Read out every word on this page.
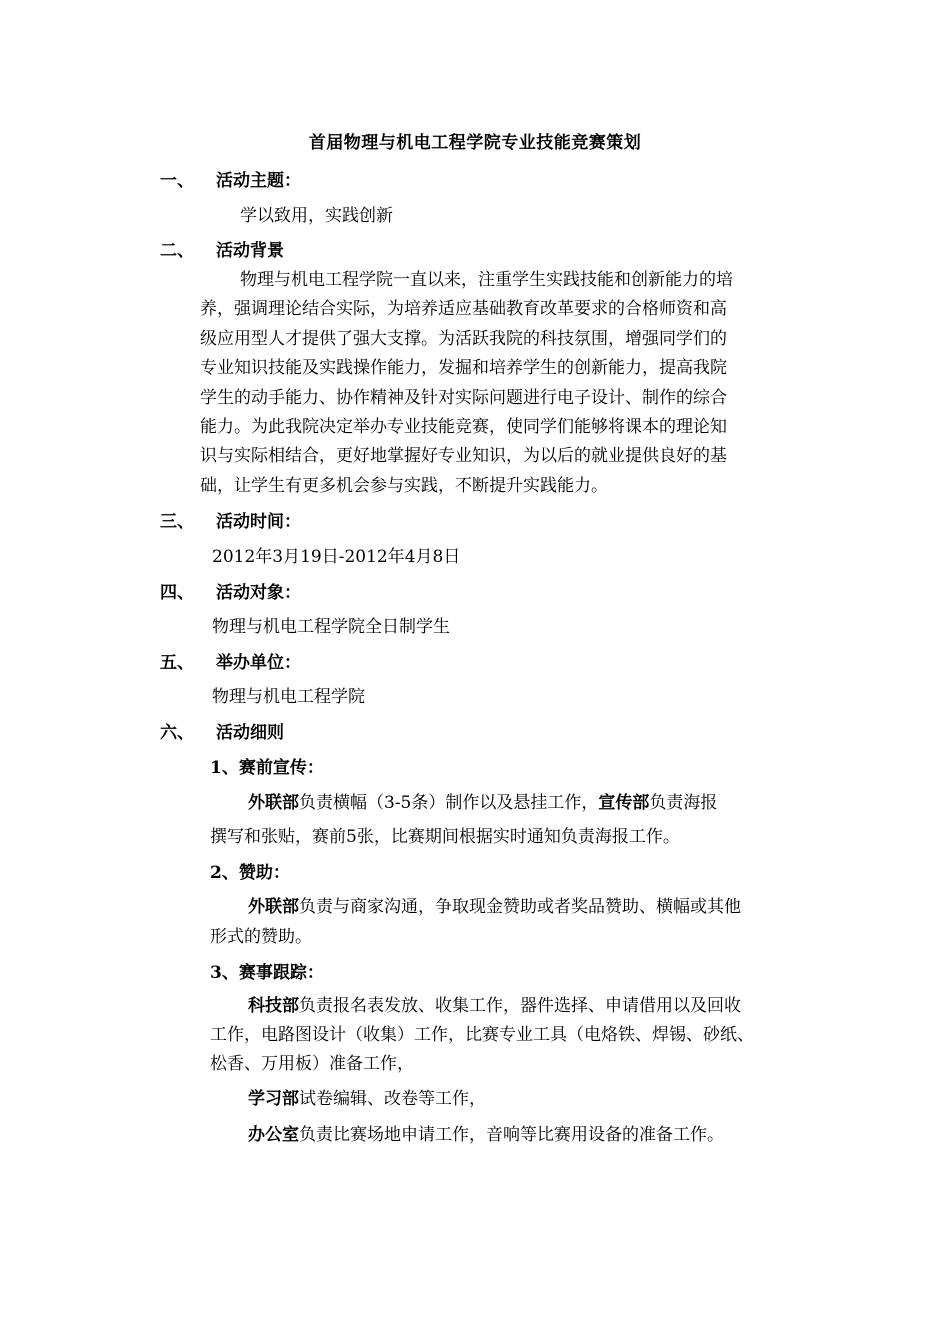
首届物理与机电工程学院专业技能竞赛策划
一、 活动主题：
学以致用，实践创新
二、 活动背景
物理与机电工程学院一直以来，注重学生实践技能和创新能力的培
养，强调理论结合实际，为培养适应基础教育改革要求的合格师资和高
级应用型人才提供了强大支撑。为活跃我院的科技氛围，增强同学们的
专业知识技能及实践操作能力，发掘和培养学生的创新能力，提高我院
学生的动手能力、协作精神及针对实际问题进行电子设计、制作的综合
能力。为此我院决定举办专业技能竞赛，使同学们能够将课本的理论知
识与实际相结合，更好地掌握好专业知识，为以后的就业提供良好的基
础，让学生有更多机会参与实践，不断提升实践能力。
三、 活动时间：
2012年3月19日-2012年4月8日
四、 活动对象：
物理与机电工程学院全日制学生
五、 举办单位：
物理与机电工程学院
六、 活动细则
1、赛前宣传：
外联部负责横幅（3-5条）制作以及悬挂工作，宣传部负责海报
撰写和张贴，赛前5张，比赛期间根据实时通知负责海报工作。
2、赞助：
外联部负责与商家沟通，争取现金赞助或者奖品赞助、横幅或其他
形式的赞助。
3、赛事跟踪：
科技部负责报名表发放、收集工作，器件选择、申请借用以及回收
工作，电路图设计（收集）工作，比赛专业工具（电烙铁、焊锡、砂纸、
松香、万用板）准备工作，
学习部试卷编辑、改卷等工作，
办公室负责比赛场地申请工作，音响等比赛用设备的准备工作。
